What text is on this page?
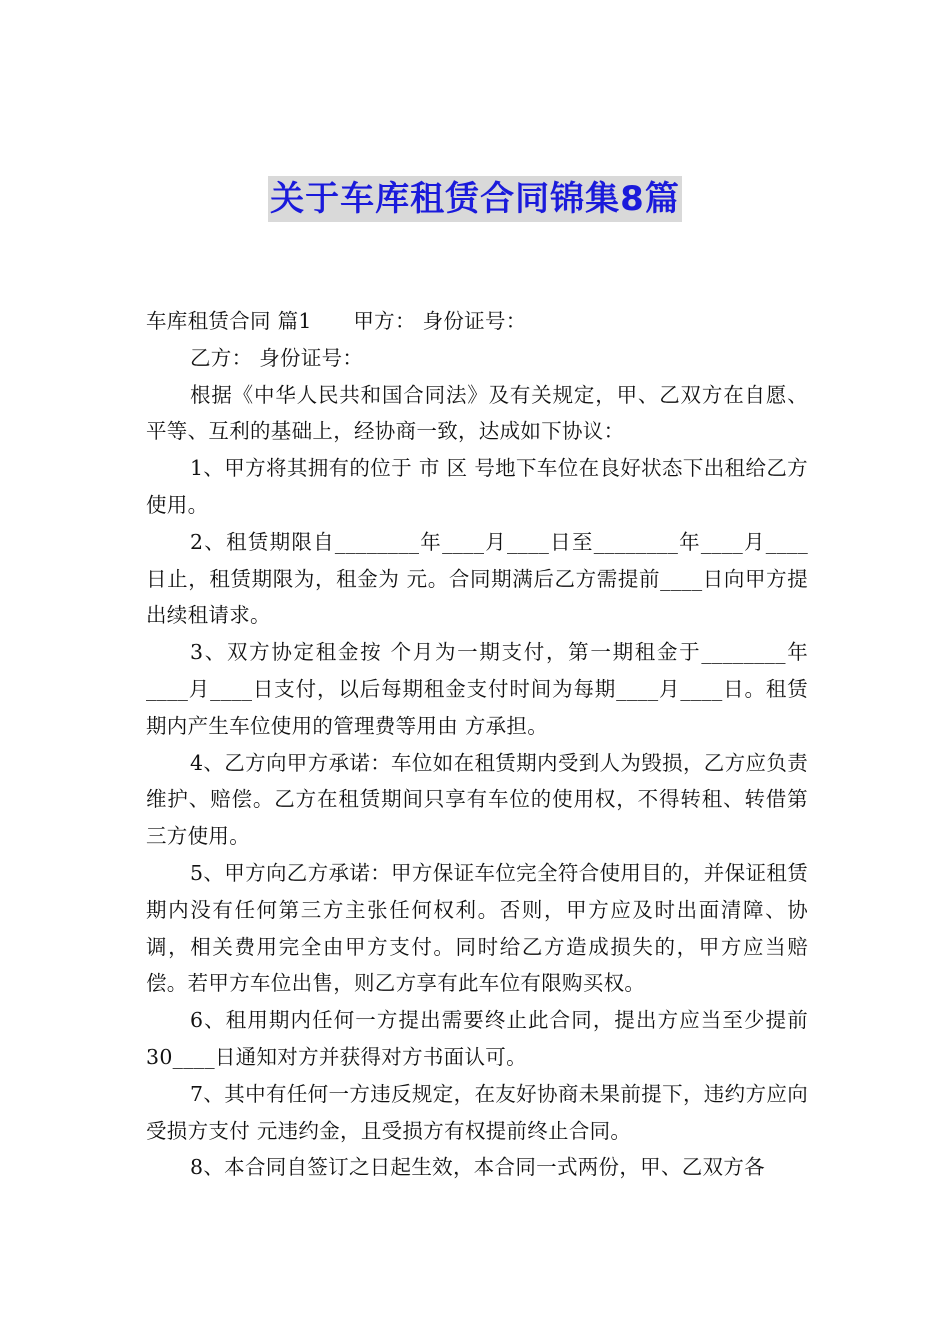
关于车库租赁合同锦集8篇

车库租赁合同 篇1　　甲方： 身份证号：

乙方： 身份证号：

根据《中华人民共和国合同法》及有关规定，甲、乙双方在自愿、平等、互利的基础上，经协商一致，达成如下协议：

1、甲方将其拥有的位于 市 区 号地下车位在良好状态下出租给乙方使用。

2、租赁期限自________年____月____日至________年____月____日止，租赁期限为，租金为 元。合同期满后乙方需提前____日向甲方提出续租请求。

3、双方协定租金按 个月为一期支付，第一期租金于________年____月____日支付，以后每期租金支付时间为每期____月____日。租赁期内产生车位使用的管理费等用由 方承担。

4、乙方向甲方承诺：车位如在租赁期内受到人为毁损，乙方应负责维护、赔偿。乙方在租赁期间只享有车位的使用权，不得转租、转借第三方使用。

5、甲方向乙方承诺：甲方保证车位完全符合使用目的，并保证租赁期内没有任何第三方主张任何权利。否则，甲方应及时出面清障、协调，相关费用完全由甲方支付。同时给乙方造成损失的，甲方应当赔偿。若甲方车位出售，则乙方享有此车位有限购买权。

6、租用期内任何一方提出需要终止此合同，提出方应当至少提前 30____日通知对方并获得对方书面认可。

7、其中有任何一方违反规定，在友好协商未果前提下，违约方应向受损方支付 元违约金，且受损方有权提前终止合同。

8、本合同自签订之日起生效，本合同一式两份，甲、乙双方各
